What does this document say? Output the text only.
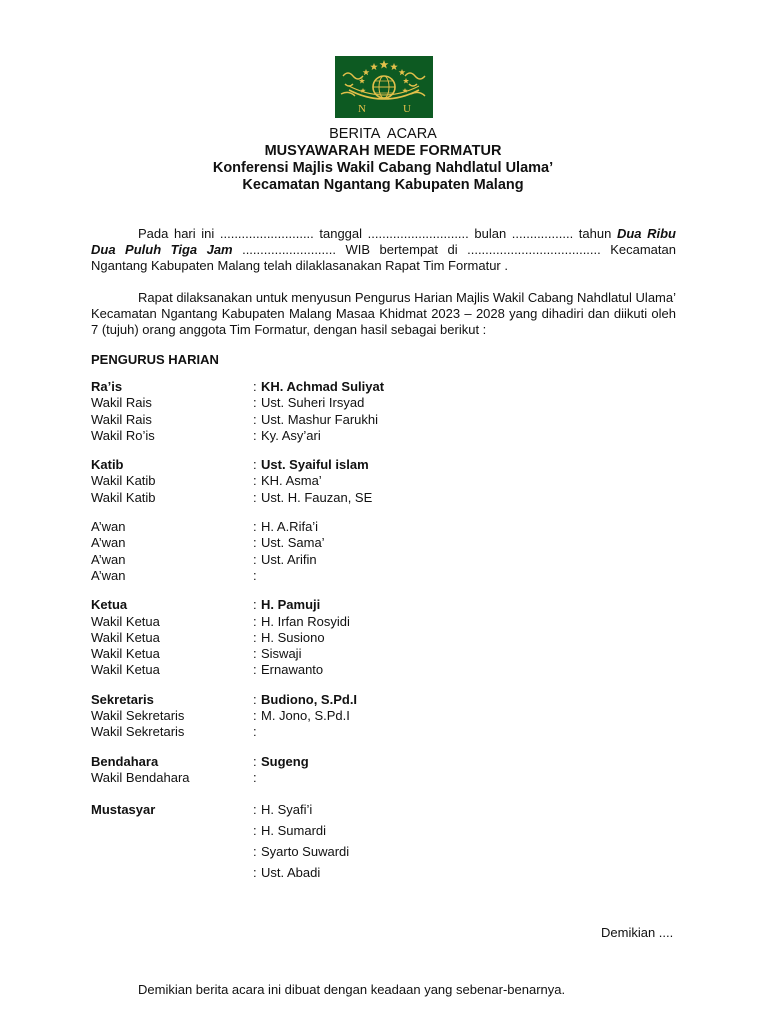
N	U
BERITA  ACARA
MUSYAWARAH MEDE FORMATUR
Konferensi Majlis Wakil Cabang Nahdlatul Ulama’
Kecamatan Ngantang Kabupaten Malang
Pada hari ini .......................... tanggal ............................ bulan ................. tahun Dua Ribu Dua Puluh Tiga Jam .......................... WIB bertempat di ..................................... Kecamatan Ngantang Kabupaten Malang telah dilaklasanakan Rapat Tim Formatur .
Rapat dilaksanakan untuk menyusun Pengurus Harian Majlis Wakil Cabang Nahdlatul Ulama’ Kecamatan Ngantang Kabupaten Malang Masaa Khidmat 2023 – 2028 yang dihadiri dan diikuti oleh 7 (tujuh) orang anggota Tim Formatur, dengan hasil sebagai berikut :
PENGURUS HARIAN
Ra’is	: KH. Achmad Suliyat
Wakil Rais	: Ust. Suheri Irsyad
Wakil Rais	: Ust. Mashur Farukhi
Wakil Ro’is	: Ky. Asy’ari
Katib	: Ust. Syaiful islam
Wakil Katib	: KH. Asma’
Wakil Katib	: Ust. H. Fauzan, SE
A’wan	: H. A.Rifa’i
A’wan	: Ust. Sama’
A’wan	: Ust. Arifin
A’wan	:
Ketua	: H. Pamuji
Wakil Ketua	: H. Irfan Rosyidi
Wakil Ketua	: H. Susiono
Wakil Ketua	: Siswaji
Wakil Ketua	: Ernawanto
Sekretaris	: Budiono, S.Pd.I
Wakil Sekretaris	: M. Jono, S.Pd.I
Wakil Sekretaris	:
Bendahara	: Sugeng
Wakil Bendahara	:
Mustasyar	: H. Syafi’i
: H. Sumardi
: Syarto Suwardi
: Ust. Abadi
Demikian ....
Demikian berita acara ini dibuat dengan keadaan yang sebenar-benarnya.
